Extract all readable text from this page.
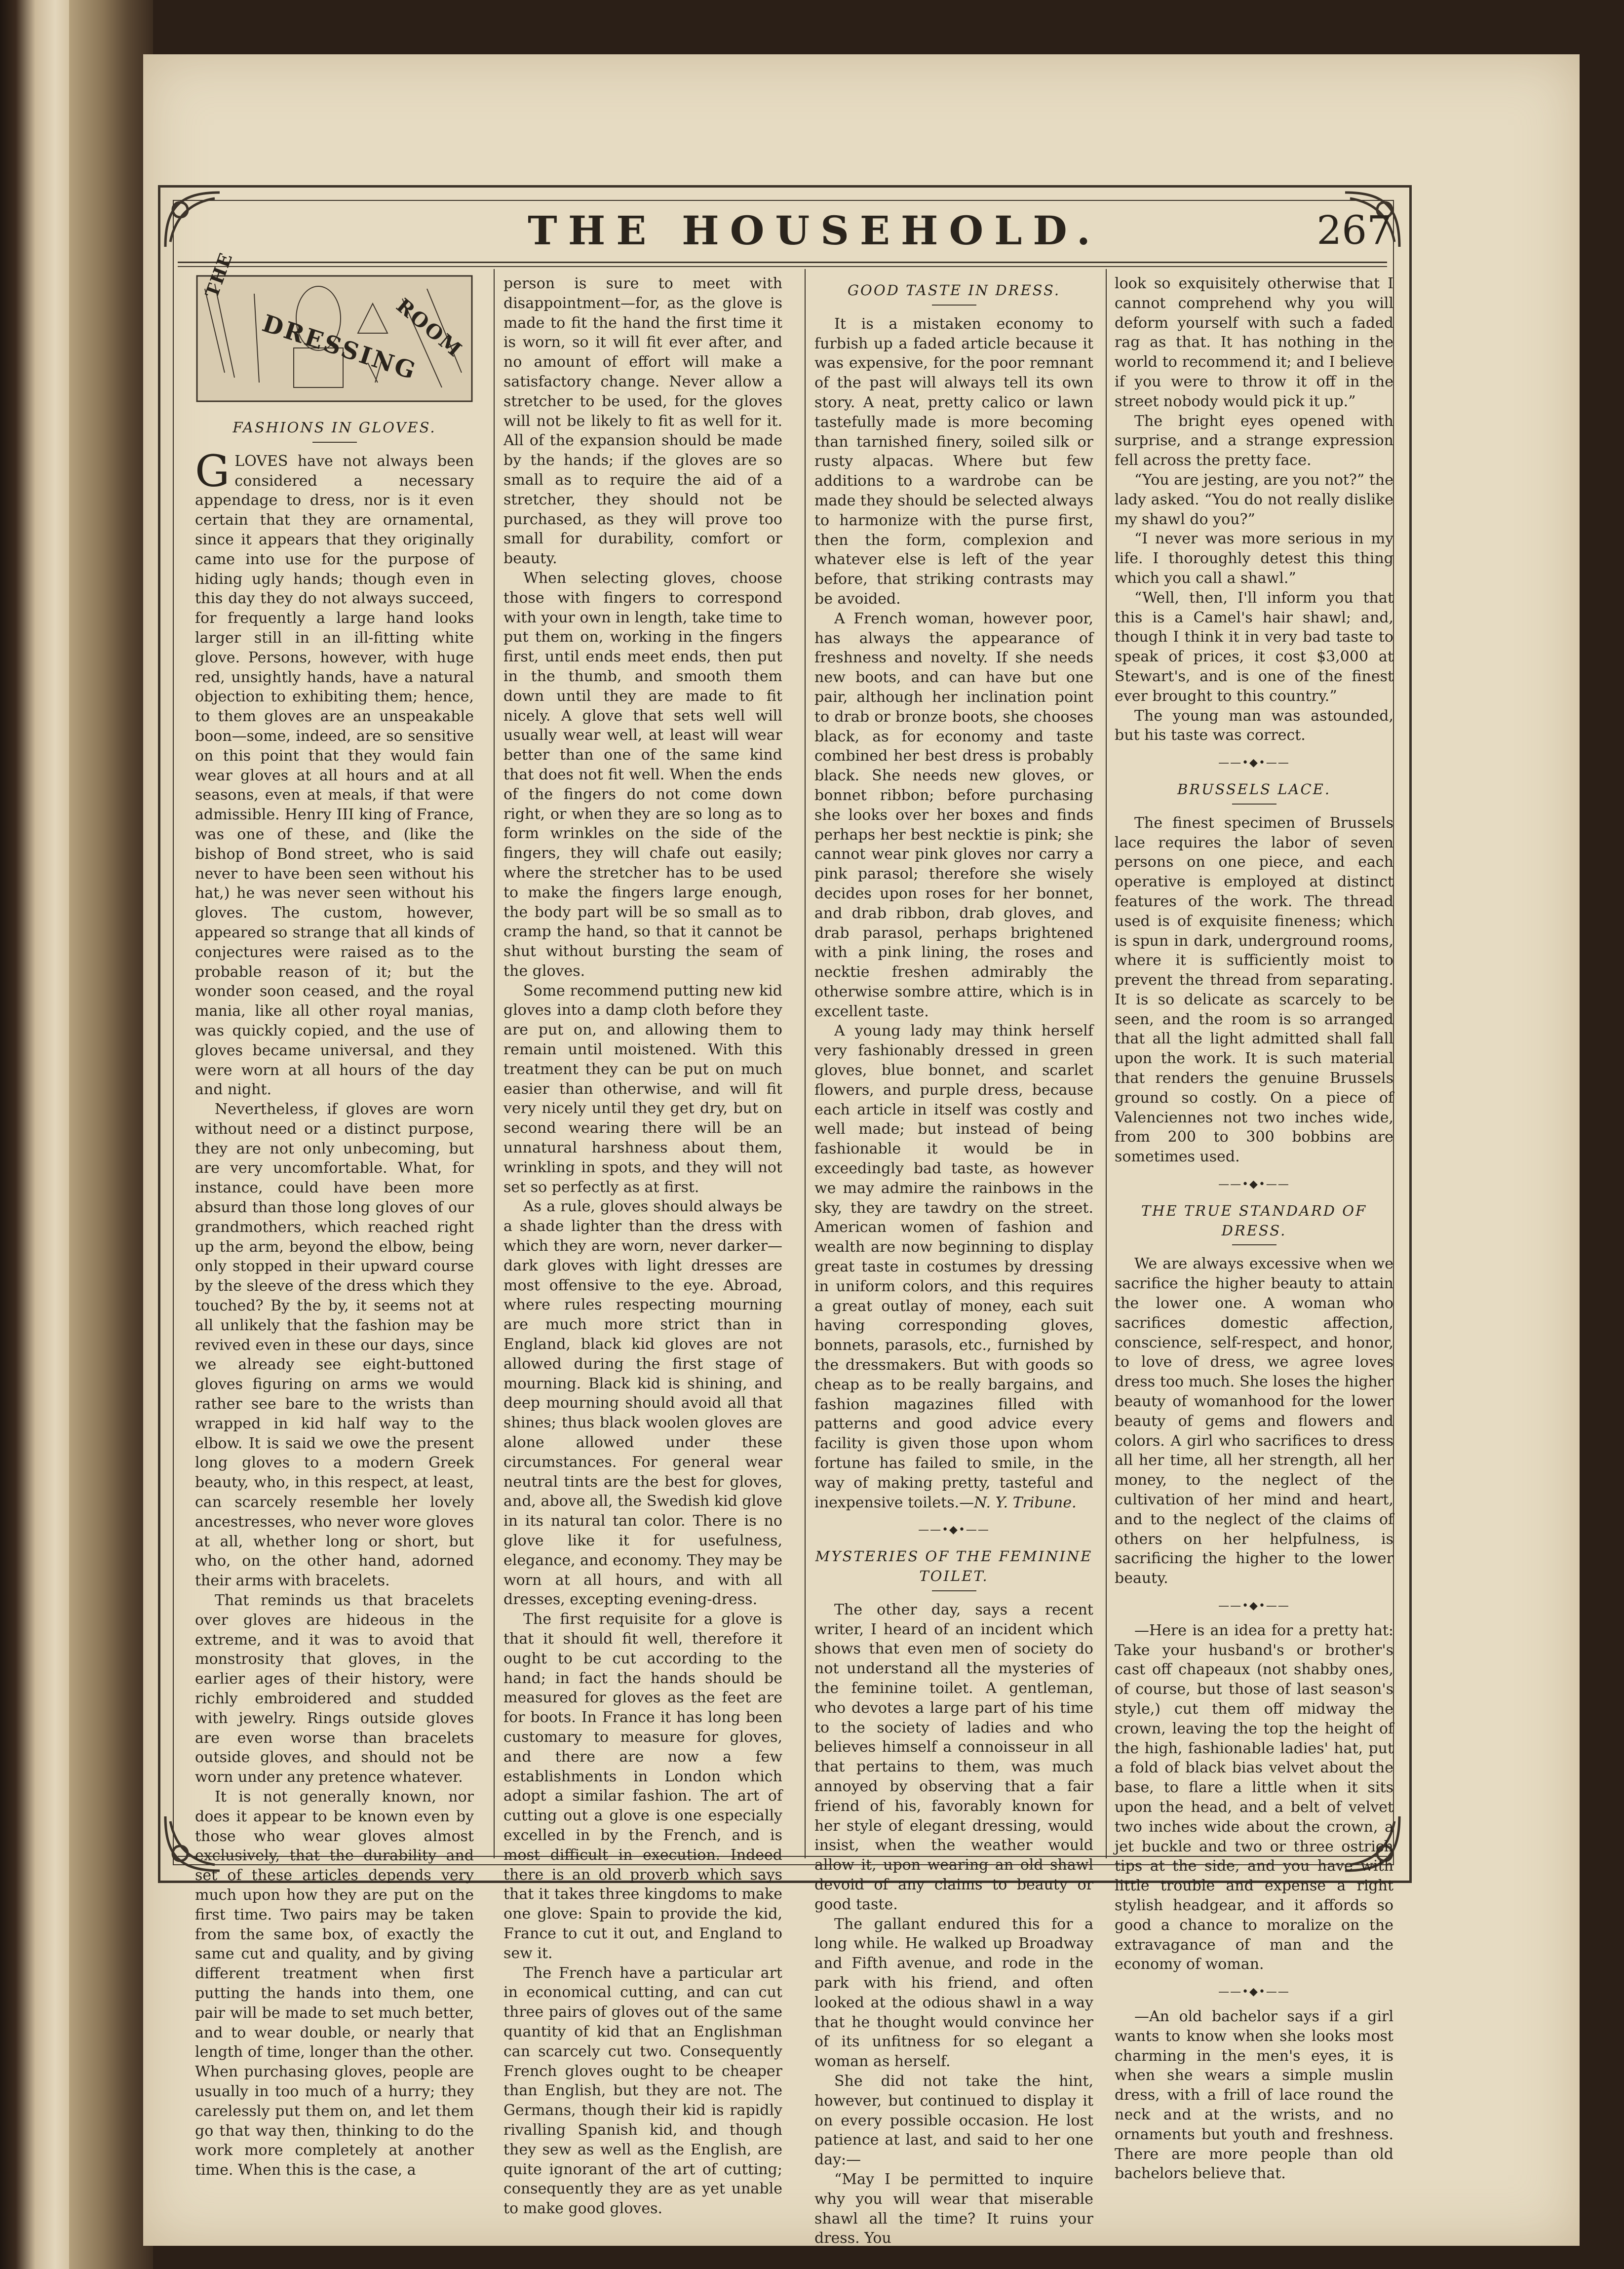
THE HOUSEHOLD.	267
THE
DRESSING
ROOM
FASHIONS IN GLOVES.

GLOVES have not always been considered a necessary appendage to dress, nor is it even certain that they are ornamental, since it appears that they originally came into use for the purpose of hiding ugly hands; though even in this day they do not always succeed, for frequently a large hand looks larger still in an ill-fitting white glove. Persons, however, with huge red, unsightly hands, have a natural objection to exhibiting them; hence, to them gloves are an unspeakable boon—some, indeed, are so sensitive on this point that they would fain wear gloves at all hours and at all seasons, even at meals, if that were admissible. Henry III king of France, was one of these, and (like the bishop of Bond street, who is said never to have been seen without his hat,) he was never seen without his gloves. The custom, however, appeared so strange that all kinds of conjectures were raised as to the probable reason of it; but the wonder soon ceased, and the royal mania, like all other royal manias, was quickly copied, and the use of gloves became universal, and they were worn at all hours of the day and night.

Nevertheless, if gloves are worn without need or a distinct purpose, they are not only unbecoming, but are very uncomfortable. What, for instance, could have been more absurd than those long gloves of our grandmothers, which reached right up the arm, beyond the elbow, being only stopped in their upward course by the sleeve of the dress which they touched? By the by, it seems not at all unlikely that the fashion may be revived even in these our days, since we already see eight-buttoned gloves figuring on arms we would rather see bare to the wrists than wrapped in kid half way to the elbow. It is said we owe the present long gloves to a modern Greek beauty, who, in this respect, at least, can scarcely resemble her lovely ancestresses, who never wore gloves at all, whether long or short, but who, on the other hand, adorned their arms with bracelets.

That reminds us that bracelets over gloves are hideous in the extreme, and it was to avoid that monstrosity that gloves, in the earlier ages of their history, were richly embroidered and studded with jewelry. Rings outside gloves are even worse than bracelets outside gloves, and should not be worn under any pretence whatever.

It is not generally known, nor does it appear to be known even by those who wear gloves almost exclusively, that the durability and set of these articles depends very much upon how they are put on the first time. Two pairs may be taken from the same box, of exactly the same cut and quality, and by giving different treatment when first putting the hands into them, one pair will be made to set much better, and to wear double, or nearly that length of time, longer than the other. When purchasing gloves, people are usually in too much of a hurry; they carelessly put them on, and let them go that way then, thinking to do the work more completely at another time. When this is the case, a

person is sure to meet with disappointment—for, as the glove is made to fit the hand the first time it is worn, so it will fit ever after, and no amount of effort will make a satisfactory change. Never allow a stretcher to be used, for the gloves will not be likely to fit as well for it. All of the expansion should be made by the hands; if the gloves are so small as to require the aid of a stretcher, they should not be purchased, as they will prove too small for durability, comfort or beauty.

When selecting gloves, choose those with fingers to correspond with your own in length, take time to put them on, working in the fingers first, until ends meet ends, then put in the thumb, and smooth them down until they are made to fit nicely. A glove that sets well will usually wear well, at least will wear better than one of the same kind that does not fit well. When the ends of the fingers do not come down right, or when they are so long as to form wrinkles on the side of the fingers, they will chafe out easily; where the stretcher has to be used to make the fingers large enough, the body part will be so small as to cramp the hand, so that it cannot be shut without bursting the seam of the gloves.

Some recommend putting new kid gloves into a damp cloth before they are put on, and allowing them to remain until moistened. With this treatment they can be put on much easier than otherwise, and will fit very nicely until they get dry, but on second wearing there will be an unnatural harshness about them, wrinkling in spots, and they will not set so perfectly as at first.

As a rule, gloves should always be a shade lighter than the dress with which they are worn, never darker—dark gloves with light dresses are most offensive to the eye. Abroad, where rules respecting mourning are much more strict than in England, black kid gloves are not allowed during the first stage of mourning. Black kid is shining, and deep mourning should avoid all that shines; thus black woolen gloves are alone allowed under these circumstances. For general wear neutral tints are the best for gloves, and, above all, the Swedish kid glove in its natural tan color. There is no glove like it for usefulness, elegance, and economy. They may be worn at all hours, and with all dresses, excepting evening-dress.

The first requisite for a glove is that it should fit well, therefore it ought to be cut according to the hand; in fact the hands should be measured for gloves as the feet are for boots. In France it has long been customary to measure for gloves, and there are now a few establishments in London which adopt a similar fashion. The art of cutting out a glove is one especially excelled in by the French, and is most difficult in execution. Indeed there is an old proverb which says that it takes three kingdoms to make one glove: Spain to provide the kid, France to cut it out, and England to sew it.

The French have a particular art in economical cutting, and can cut three pairs of gloves out of the same quantity of kid that an Englishman can scarcely cut two. Consequently French gloves ought to be cheaper than English, but they are not. The Germans, though their kid is rapidly rivalling Spanish kid, and though they sew as well as the English, are quite ignorant of the art of cutting; consequently they are as yet unable to make good gloves.

GOOD TASTE IN DRESS.

It is a mistaken economy to furbish up a faded article because it was expensive, for the poor remnant of the past will always tell its own story. A neat, pretty calico or lawn tastefully made is more becoming than tarnished finery, soiled silk or rusty alpacas. Where but few additions to a wardrobe can be made they should be selected always to harmonize with the purse first, then the form, complexion and whatever else is left of the year before, that striking contrasts may be avoided.

A French woman, however poor, has always the appearance of freshness and novelty. If she needs new boots, and can have but one pair, although her inclination point to drab or bronze boots, she chooses black, as for economy and taste combined her best dress is probably black. She needs new gloves, or bonnet ribbon; before purchasing she looks over her boxes and finds perhaps her best necktie is pink; she cannot wear pink gloves nor carry a pink parasol; therefore she wisely decides upon roses for her bonnet, and drab ribbon, drab gloves, and drab parasol, perhaps brightened with a pink lining, the roses and necktie freshen admirably the otherwise sombre attire, which is in excellent taste.

A young lady may think herself very fashionably dressed in green gloves, blue bonnet, and scarlet flowers, and purple dress, because each article in itself was costly and well made; but instead of being fashionable it would be in exceedingly bad taste, as however we may admire the rainbows in the sky, they are tawdry on the street. American women of fashion and wealth are now beginning to display great taste in costumes by dressing in uniform colors, and this requires a great outlay of money, each suit having corresponding gloves, bonnets, parasols, etc., furnished by the dressmakers. But with goods so cheap as to be really bargains, and fashion magazines filled with patterns and good advice every facility is given those upon whom fortune has failed to smile, in the way of making pretty, tasteful and inexpensive toilets.—N. Y. Tribune.

——•◆•——
MYSTERIES OF THE FEMININE TOILET.

The other day, says a recent writer, I heard of an incident which shows that even men of society do not understand all the mysteries of the feminine toilet. A gentleman, who devotes a large part of his time to the society of ladies and who believes himself a connoisseur in all that pertains to them, was much annoyed by observing that a fair friend of his, favorably known for her style of elegant dressing, would insist, when the weather would allow it, upon wearing an old shawl devoid of any claims to beauty or good taste.

The gallant endured this for a long while. He walked up Broadway and Fifth avenue, and rode in the park with his friend, and often looked at the odious shawl in a way that he thought would convince her of its unfitness for so elegant a woman as herself.

She did not take the hint, however, but continued to display it on every possible occasion. He lost patience at last, and said to her one day:—

“May I be permitted to inquire why you will wear that miserable shawl all the time? It ruins your dress. You

look so exquisitely otherwise that I cannot comprehend why you will deform yourself with such a faded rag as that. It has nothing in the world to recommend it; and I believe if you were to throw it off in the street nobody would pick it up.”

The bright eyes opened with surprise, and a strange expression fell across the pretty face.

“You are jesting, are you not?” the lady asked. “You do not really dislike my shawl do you?”

“I never was more serious in my life. I thoroughly detest this thing which you call a shawl.”

“Well, then, I'll inform you that this is a Camel's hair shawl; and, though I think it in very bad taste to speak of prices, it cost $3,000 at Stewart's, and is one of the finest ever brought to this country.”

The young man was astounded, but his taste was correct.

——•◆•——
BRUSSELS LACE.

The finest specimen of Brussels lace requires the labor of seven persons on one piece, and each operative is employed at distinct features of the work. The thread used is of exquisite fineness; which is spun in dark, underground rooms, where it is sufficiently moist to prevent the thread from separating. It is so delicate as scarcely to be seen, and the room is so arranged that all the light admitted shall fall upon the work. It is such material that renders the genuine Brussels ground so costly. On a piece of Valenciennes not two inches wide, from 200 to 300 bobbins are sometimes used.

——•◆•——
THE TRUE STANDARD OF DRESS.

We are always excessive when we sacrifice the higher beauty to attain the lower one. A woman who sacrifices domestic affection, conscience, self-respect, and honor, to love of dress, we agree loves dress too much. She loses the higher beauty of womanhood for the lower beauty of gems and flowers and colors. A girl who sacrifices to dress all her time, all her strength, all her money, to the neglect of the cultivation of her mind and heart, and to the neglect of the claims of others on her helpfulness, is sacrificing the higher to the lower beauty.

——•◆•——

—Here is an idea for a pretty hat: Take your husband's or brother's cast off chapeaux (not shabby ones, of course, but those of last season's style,) cut them off midway the crown, leaving the top the height of the high, fashionable ladies' hat, put a fold of black bias velvet about the base, to flare a little when it sits upon the head, and a belt of velvet two inches wide about the crown, a jet buckle and two or three ostrich tips at the side, and you have with little trouble and expense a right stylish headgear, and it affords so good a chance to moralize on the extravagance of man and the economy of woman.

——•◆•——

—An old bachelor says if a girl wants to know when she looks most charming in the men's eyes, it is when she wears a simple muslin dress, with a frill of lace round the neck and at the wrists, and no ornaments but youth and freshness. There are more people than old bachelors believe that.
